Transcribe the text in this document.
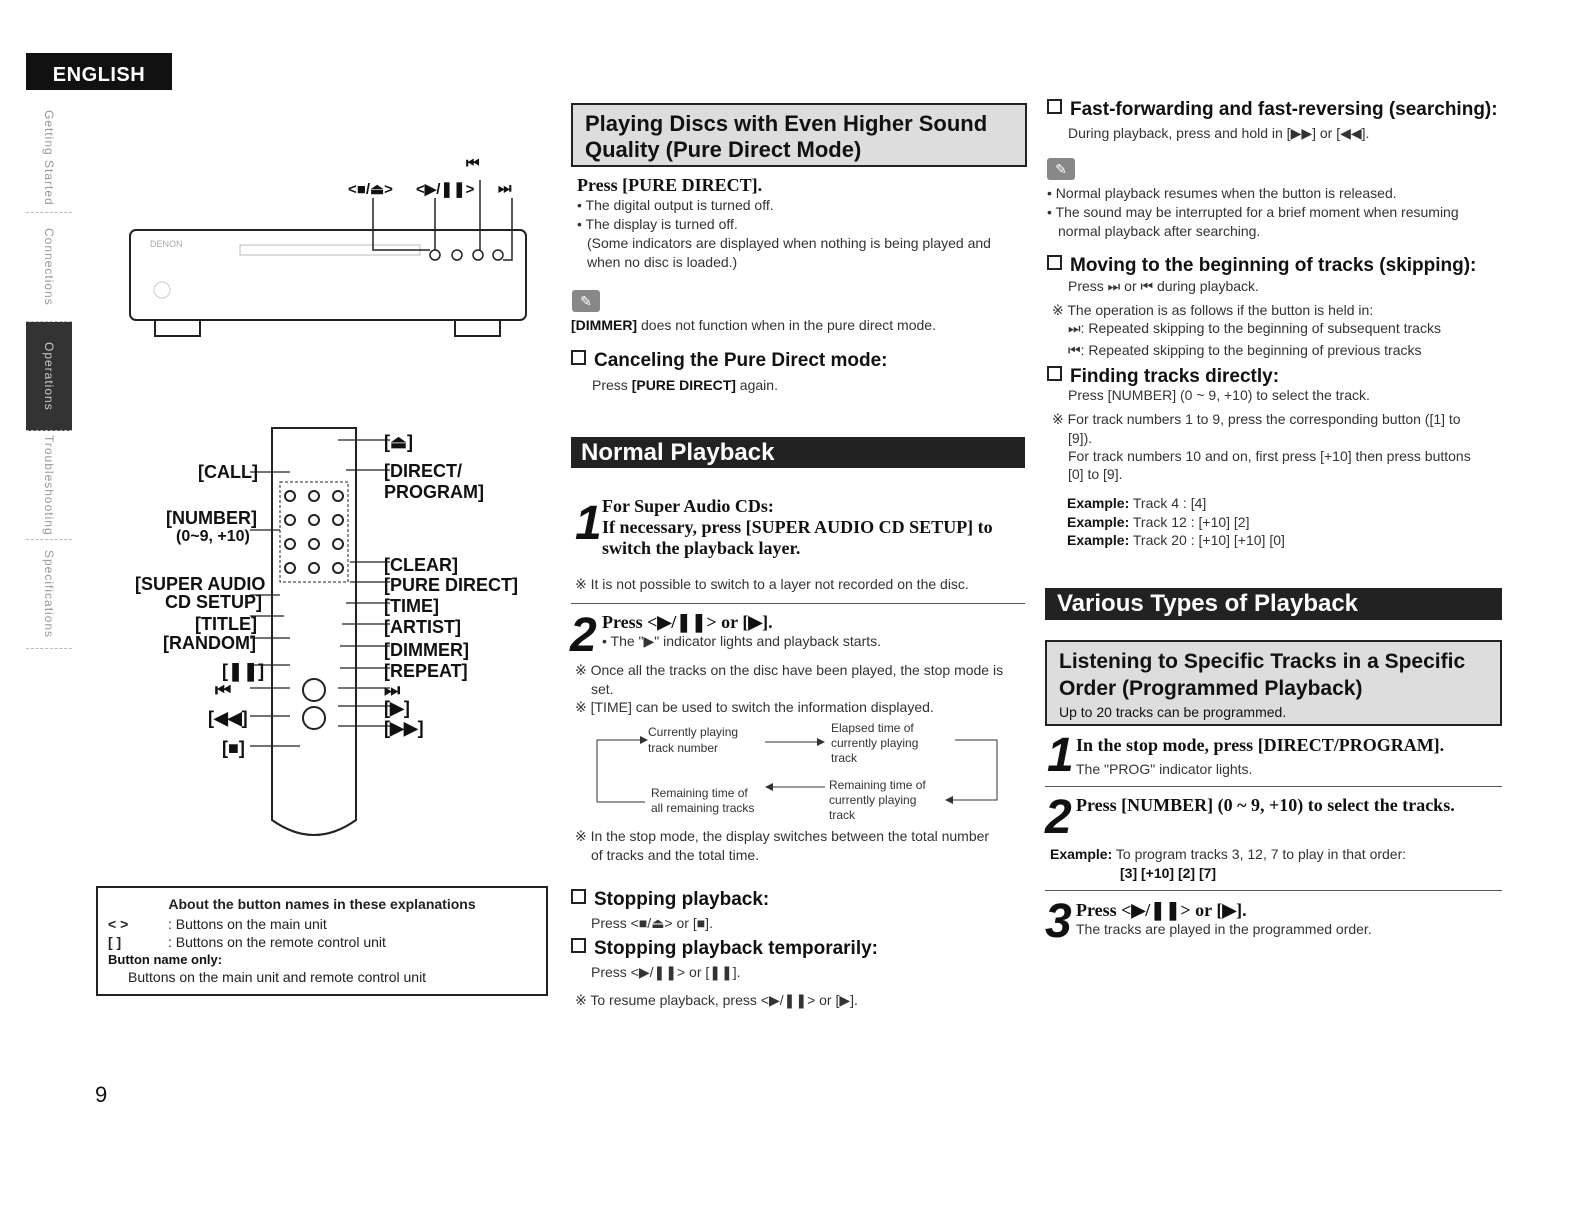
ENGLISH
Getting Started
Connections
Operations
Troubleshooting
Specifications
DENON
<■/⏏> <▶/❚❚>
⏮
⏭
[CALL]
[NUMBER]
(0~9, +10)
[SUPER AUDIO
CD SETUP]
[TITLE]
[RANDOM]
[❚❚]
⏮
[◀◀]
[■]
[⏏]
[DIRECT/
PROGRAM]
[CLEAR]
[PURE DIRECT]
[TIME]
[ARTIST]
[DIMMER]
[REPEAT]
⏭
[▶]
[▶▶]
About the button names in these explanations
< >	: Buttons on the main unit
[ ]	: Buttons on the remote control unit
Button name only:
Buttons on the main unit and remote control unit
Playing Discs with Even Higher Sound
Quality (Pure Direct Mode)
Press [PURE DIRECT].
• The digital output is turned off.
• The display is turned off.
(Some indicators are displayed when nothing is being played and
when no disc is loaded.)
✎
[DIMMER] does not function when in the pure direct mode.
Canceling the Pure Direct mode:
Press [PURE DIRECT] again.
Normal Playback
1 For Super Audio CDs:
If necessary, press [SUPER AUDIO CD SETUP] to
switch the playback layer.
※ It is not possible to switch to a layer not recorded on the disc.
2 Press <▶/❚❚> or [▶].
• The "▶" indicator lights and playback starts.
※ Once all the tracks on the disc have been played, the stop mode is
set.
※ [TIME] can be used to switch the information displayed.
Currently playing
track number
Elapsed time of
currently playing
track
Remaining time of
all remaining tracks
Remaining time of
currently playing
track
※ In the stop mode, the display switches between the total number
of tracks and the total time.
Stopping playback:
Press <■/⏏> or [■].
Stopping playback temporarily:
Press <▶/❚❚> or [❚❚].
※ To resume playback, press <▶/❚❚> or [▶].
Fast-forwarding and fast-reversing (searching):
During playback, press and hold in [▶▶] or [◀◀].
✎
• Normal playback resumes when the button is released.
• The sound may be interrupted for a brief moment when resuming
normal playback after searching.
Moving to the beginning of tracks (skipping):
Press ⏭ or ⏮ during playback.
※ The operation is as follows if the button is held in:
⏭: Repeated skipping to the beginning of subsequent tracks
⏮: Repeated skipping to the beginning of previous tracks
Finding tracks directly:
Press [NUMBER] (0 ~ 9, +10) to select the track.
※ For track numbers 1 to 9, press the corresponding button ([1] to
[9]).
For track numbers 10 and on, first press [+10] then press buttons
[0] to [9].
Example: Track 4 : [4]
Example: Track 12 : [+10] [2]
Example: Track 20 : [+10] [+10] [0]
Various Types of Playback
Listening to Specific Tracks in a Specific
Order (Programmed Playback)
Up to 20 tracks can be programmed.
1 In the stop mode, press [DIRECT/PROGRAM].
The "PROG" indicator lights.
2 Press [NUMBER] (0 ~ 9, +10) to select the tracks.
Example: To program tracks 3, 12, 7 to play in that order:
[3] [+10] [2] [7]
3 Press <▶/❚❚> or [▶].
The tracks are played in the programmed order.
9
